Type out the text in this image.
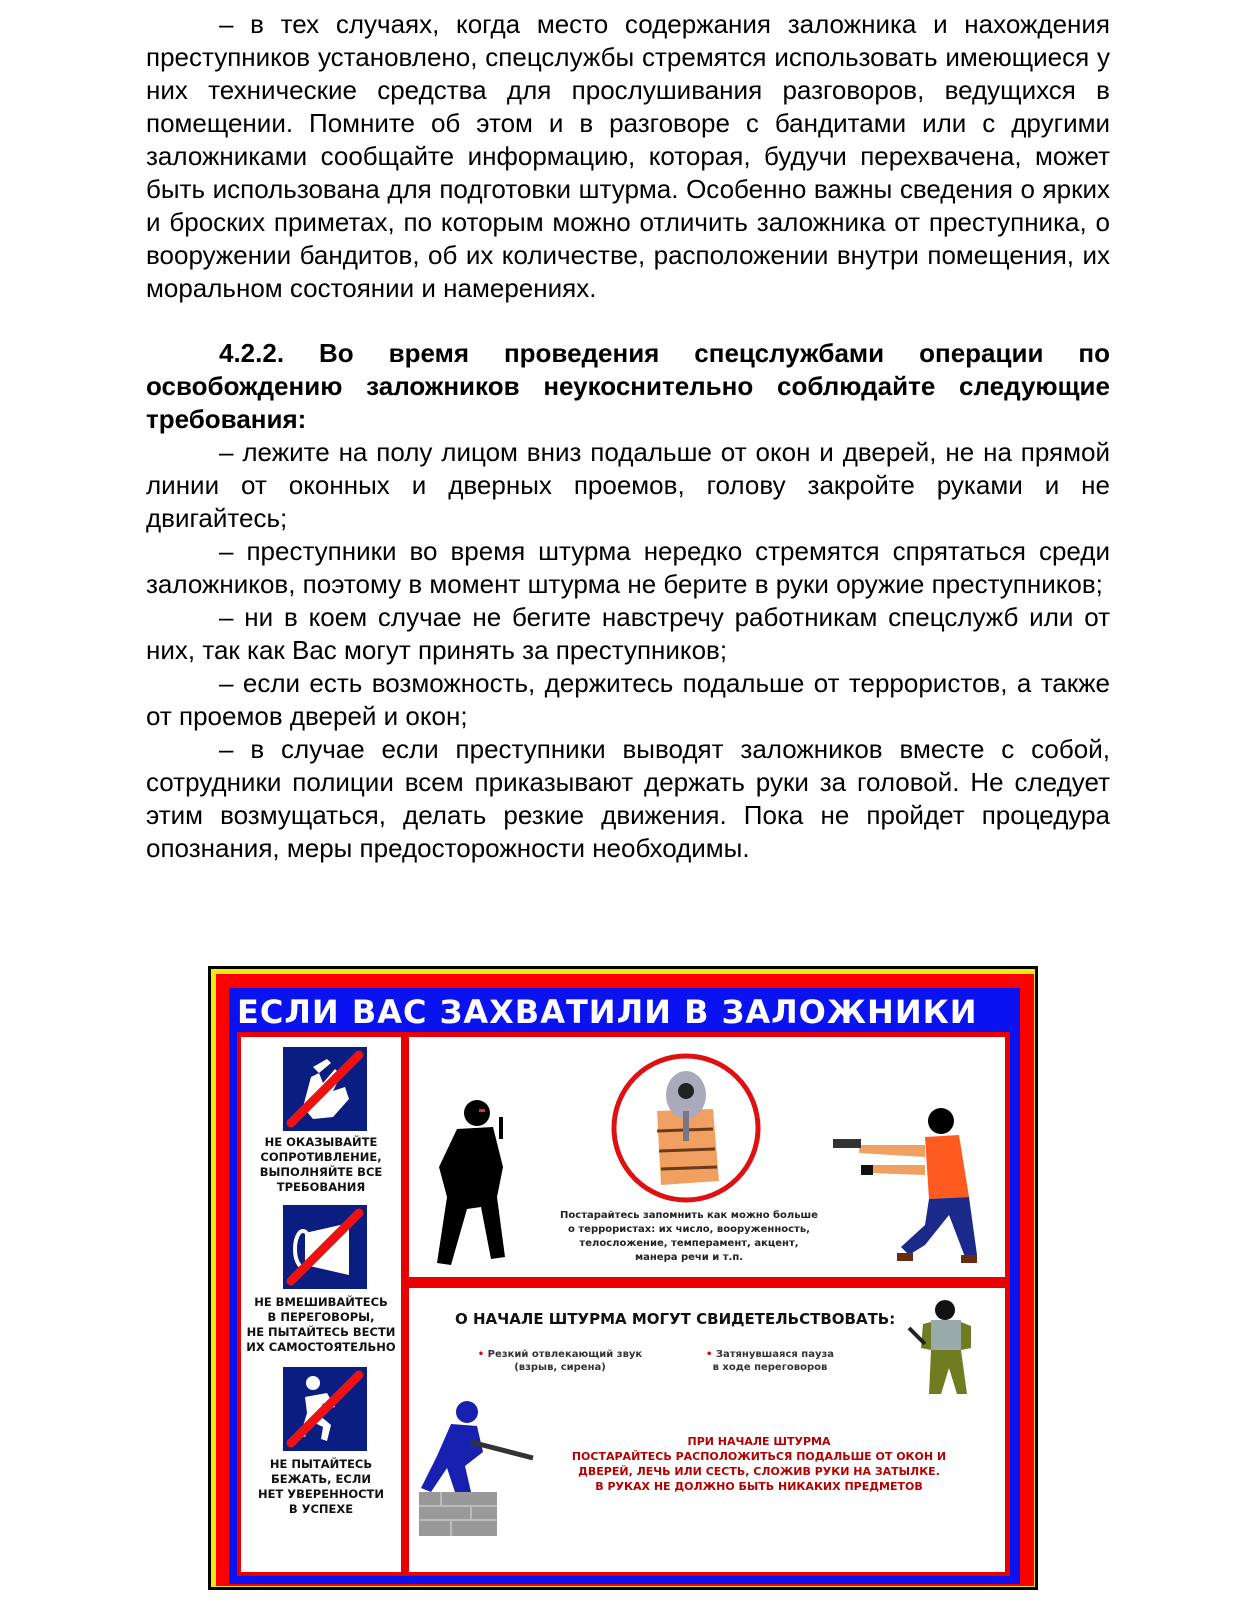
– в тех случаях, когда место содержания заложника и нахождения преступников установлено, спецслужбы стремятся использовать имеющиеся у них технические средства для прослушивания разговоров, ведущихся в помещении. Помните об этом и в разговоре с бандитами или с другими заложниками сообщайте информацию, которая, будучи перехвачена, может быть использована для подготовки штурма. Особенно важны сведения о ярких и броских приметах, по которым можно отличить заложника от преступника, о вооружении бандитов, об их количестве, расположении внутри помещения, их моральном состоянии и намерениях.

4.2.2. Во время проведения спецслужбами операции по освобождению заложников неукоснительно соблюдайте следующие требования:

– лежите на полу лицом вниз подальше от окон и дверей, не на прямой линии от оконных и дверных проемов, голову закройте руками и не двигайтесь;

– преступники во время штурма нередко стремятся спрятаться среди заложников, поэтому в момент штурма не берите в руки оружие преступников;

– ни в коем случае не бегите навстречу работникам спецслужб или от них, так как Вас могут принять за преступников;

– если есть возможность, держитесь подальше от террористов, а также от проемов дверей и окон;

– в случае если преступники выводят заложников вместе с собой, сотрудники полиции всем приказывают держать руки за головой. Не следует этим возмущаться, делать резкие движения. Пока не пройдет процедура опознания, меры предосторожности необходимы.

ЕСЛИ ВАС ЗАХВАТИЛИ В ЗАЛОЖНИКИ
НЕ ОКАЗЫВАЙТЕ
СОПРОТИВЛЕНИЕ,
ВЫПОЛНЯЙТЕ ВСЕ
ТРЕБОВАНИЯ
НЕ ВМЕШИВАЙТЕСЬ
В ПЕРЕГОВОРЫ,
НЕ ПЫТАЙТЕСЬ ВЕСТИ
ИХ САМОСТОЯТЕЛЬНО
НЕ ПЫТАЙТЕСЬ
БЕЖАТЬ, ЕСЛИ
НЕТ УВЕРЕННОСТИ
В УСПЕХЕ
Постарайтесь запомнить как можно больше
о террористах: их число, вооруженность,
телосложение, темперамент, акцент,
манера речи и т.п.
О НАЧАЛЕ ШТУРМА МОГУТ СВИДЕТЕЛЬСТВОВАТЬ:
• Резкий отвлекающий звук
(взрыв, сирена)
• Затянувшаяся пауза
в ходе переговоров
ПРИ НАЧАЛЕ ШТУРМА
ПОСТАРАЙТЕСЬ РАСПОЛОЖИТЬСЯ ПОДАЛЬШЕ ОТ ОКОН И
ДВЕРЕЙ, ЛЕЧЬ ИЛИ СЕСТЬ, СЛОЖИВ РУКИ НА ЗАТЫЛКЕ.
В РУКАХ НЕ ДОЛЖНО БЫТЬ НИКАКИХ ПРЕДМЕТОВ
